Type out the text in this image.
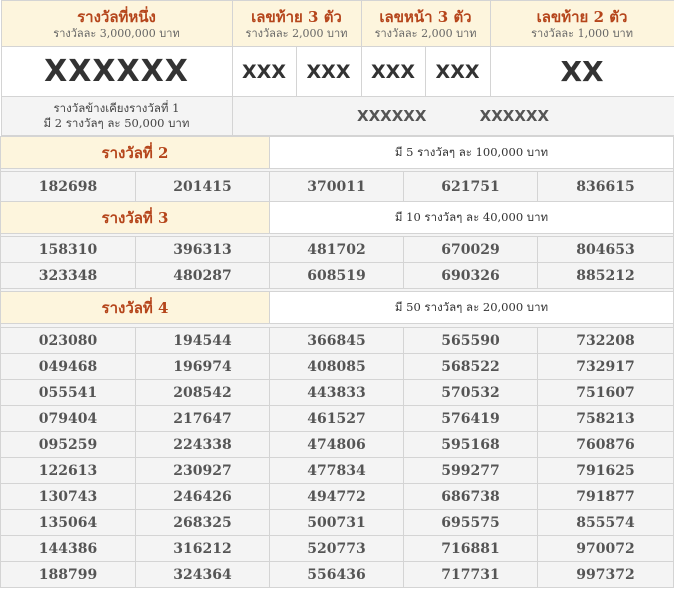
รางวัลที่หนึ่ง
รางวัลละ 3,000,000 บาท

เลขท้าย 3 ตัว
รางวัลละ 2,000 บาท

เลขหน้า 3 ตัว
รางวัลละ 2,000 บาท

เลขท้าย 2 ตัว
รางวัลละ 1,000 บาท

XXXXXX	XXX	XXX	XXX	XXX	XX

รางวัลข้างเคียงรางวัลที่ 1
มี 2 รางวัลๆ ละ 50,000 บาท	XXXXXX	XXXXXX

รางวัลที่ 2	มี 5 รางวัลๆ ละ 100,000 บาท

182698	201415	370011	621751	836615
รางวัลที่ 3	มี 10 รางวัลๆ ละ 40,000 บาท

158310	396313	481702	670029	804653
323348	480287	608519	690326	885212

รางวัลที่ 4	มี 50 รางวัลๆ ละ 20,000 บาท

023080	194544	366845	565590	732208
049468	196974	408085	568522	732917
055541	208542	443833	570532	751607
079404	217647	461527	576419	758213
095259	224338	474806	595168	760876
122613	230927	477834	599277	791625
130743	246426	494772	686738	791877
135064	268325	500731	695575	855574
144386	316212	520773	716881	970072
188799	324364	556436	717731	997372
